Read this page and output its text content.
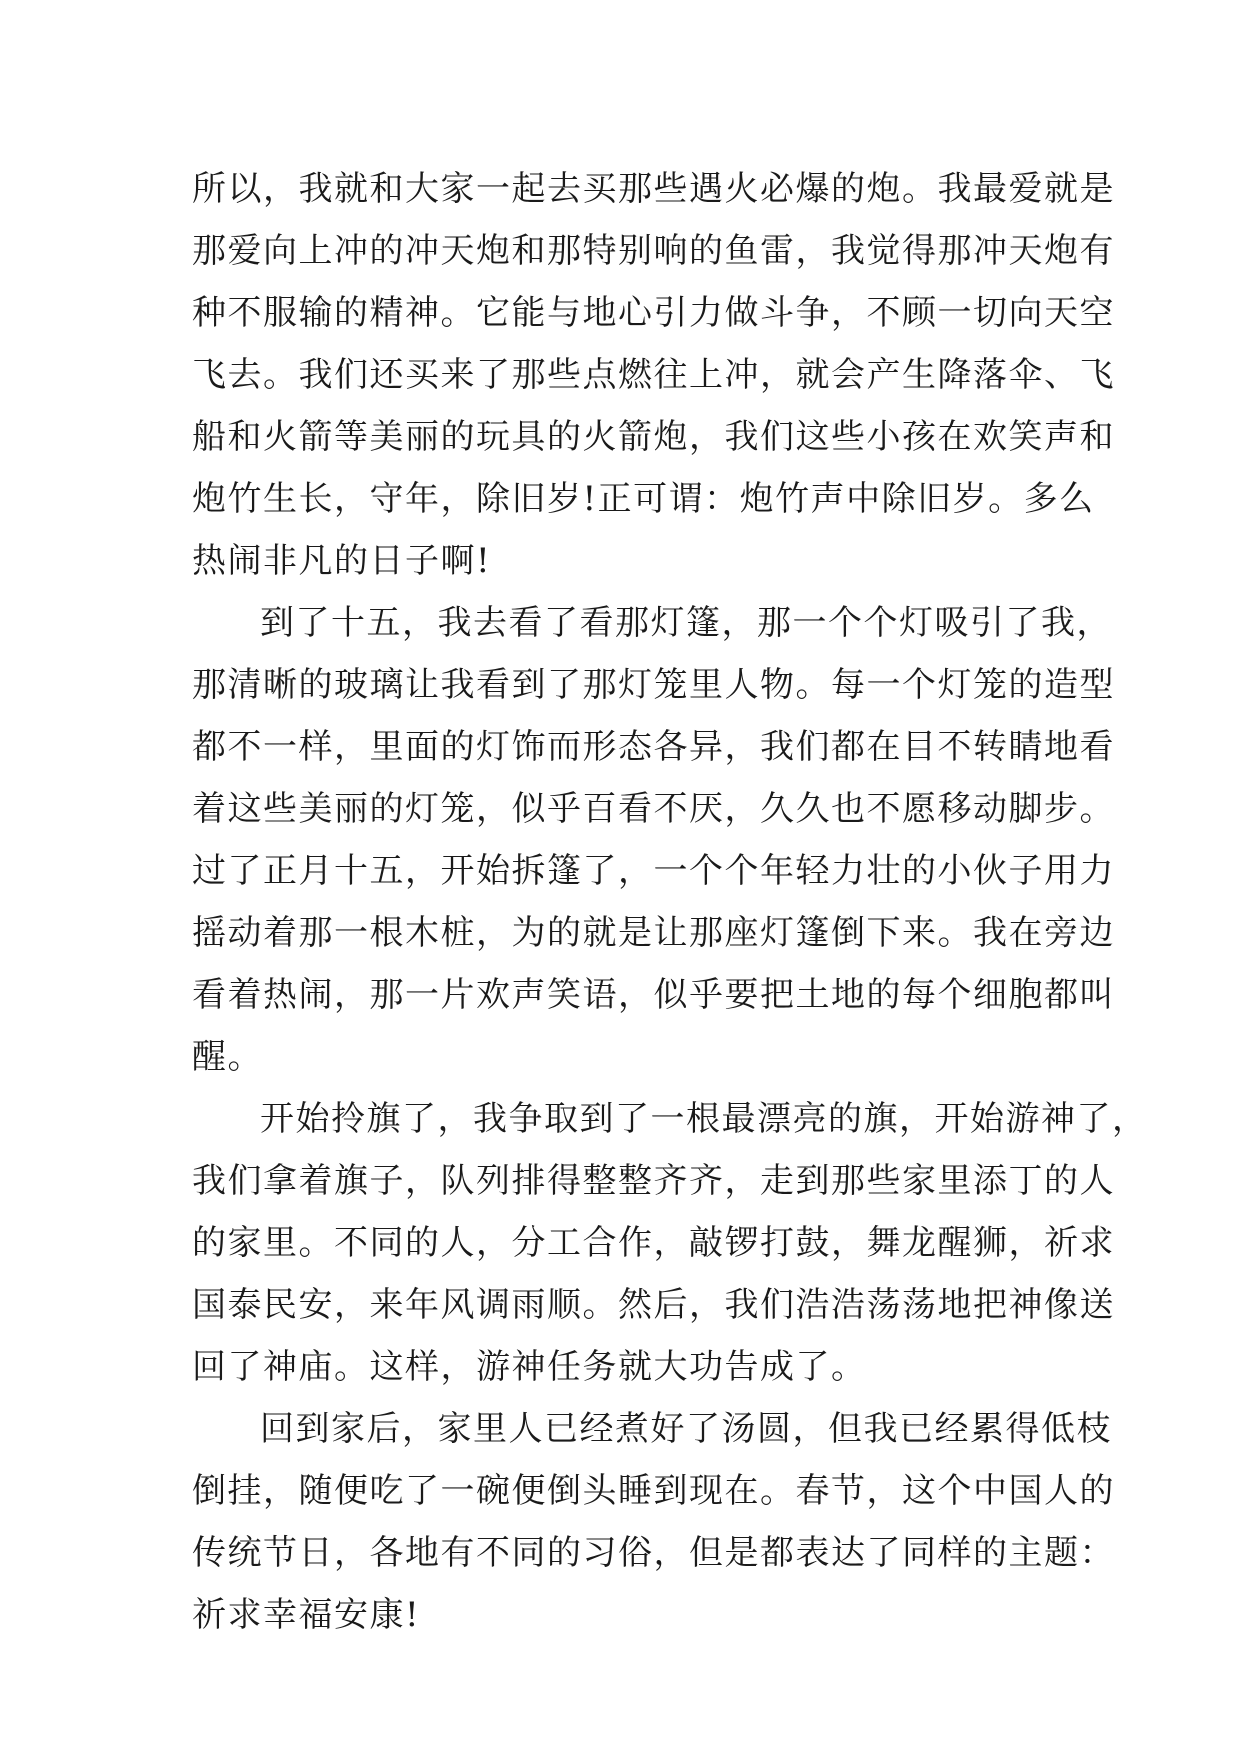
所以，我就和大家一起去买那些遇火必爆的炮。我最爱就是
那爱向上冲的冲天炮和那特别响的鱼雷，我觉得那冲天炮有
种不服输的精神。它能与地心引力做斗争，不顾一切向天空
飞去。我们还买来了那些点燃往上冲，就会产生降落伞、飞
船和火箭等美丽的玩具的火箭炮，我们这些小孩在欢笑声和
炮竹生长，守年，除旧岁!正可谓：炮竹声中除旧岁。多么
热闹非凡的日子啊!
到了十五，我去看了看那灯篷，那一个个灯吸引了我，
那清晰的玻璃让我看到了那灯笼里人物。每一个灯笼的造型
都不一样，里面的灯饰而形态各异，我们都在目不转睛地看
着这些美丽的灯笼，似乎百看不厌，久久也不愿移动脚步。
过了正月十五，开始拆篷了，一个个年轻力壮的小伙子用力
摇动着那一根木桩，为的就是让那座灯篷倒下来。我在旁边
看着热闹，那一片欢声笑语，似乎要把土地的每个细胞都叫
醒。
开始拎旗了，我争取到了一根最漂亮的旗，开始游神了，
我们拿着旗子，队列排得整整齐齐，走到那些家里添丁的人
的家里。不同的人，分工合作，敲锣打鼓，舞龙醒狮，祈求
国泰民安，来年风调雨顺。然后，我们浩浩荡荡地把神像送
回了神庙。这样，游神任务就大功告成了。
回到家后，家里人已经煮好了汤圆，但我已经累得低枝
倒挂，随便吃了一碗便倒头睡到现在。春节，这个中国人的
传统节日，各地有不同的习俗，但是都表达了同样的主题：
祈求幸福安康!
